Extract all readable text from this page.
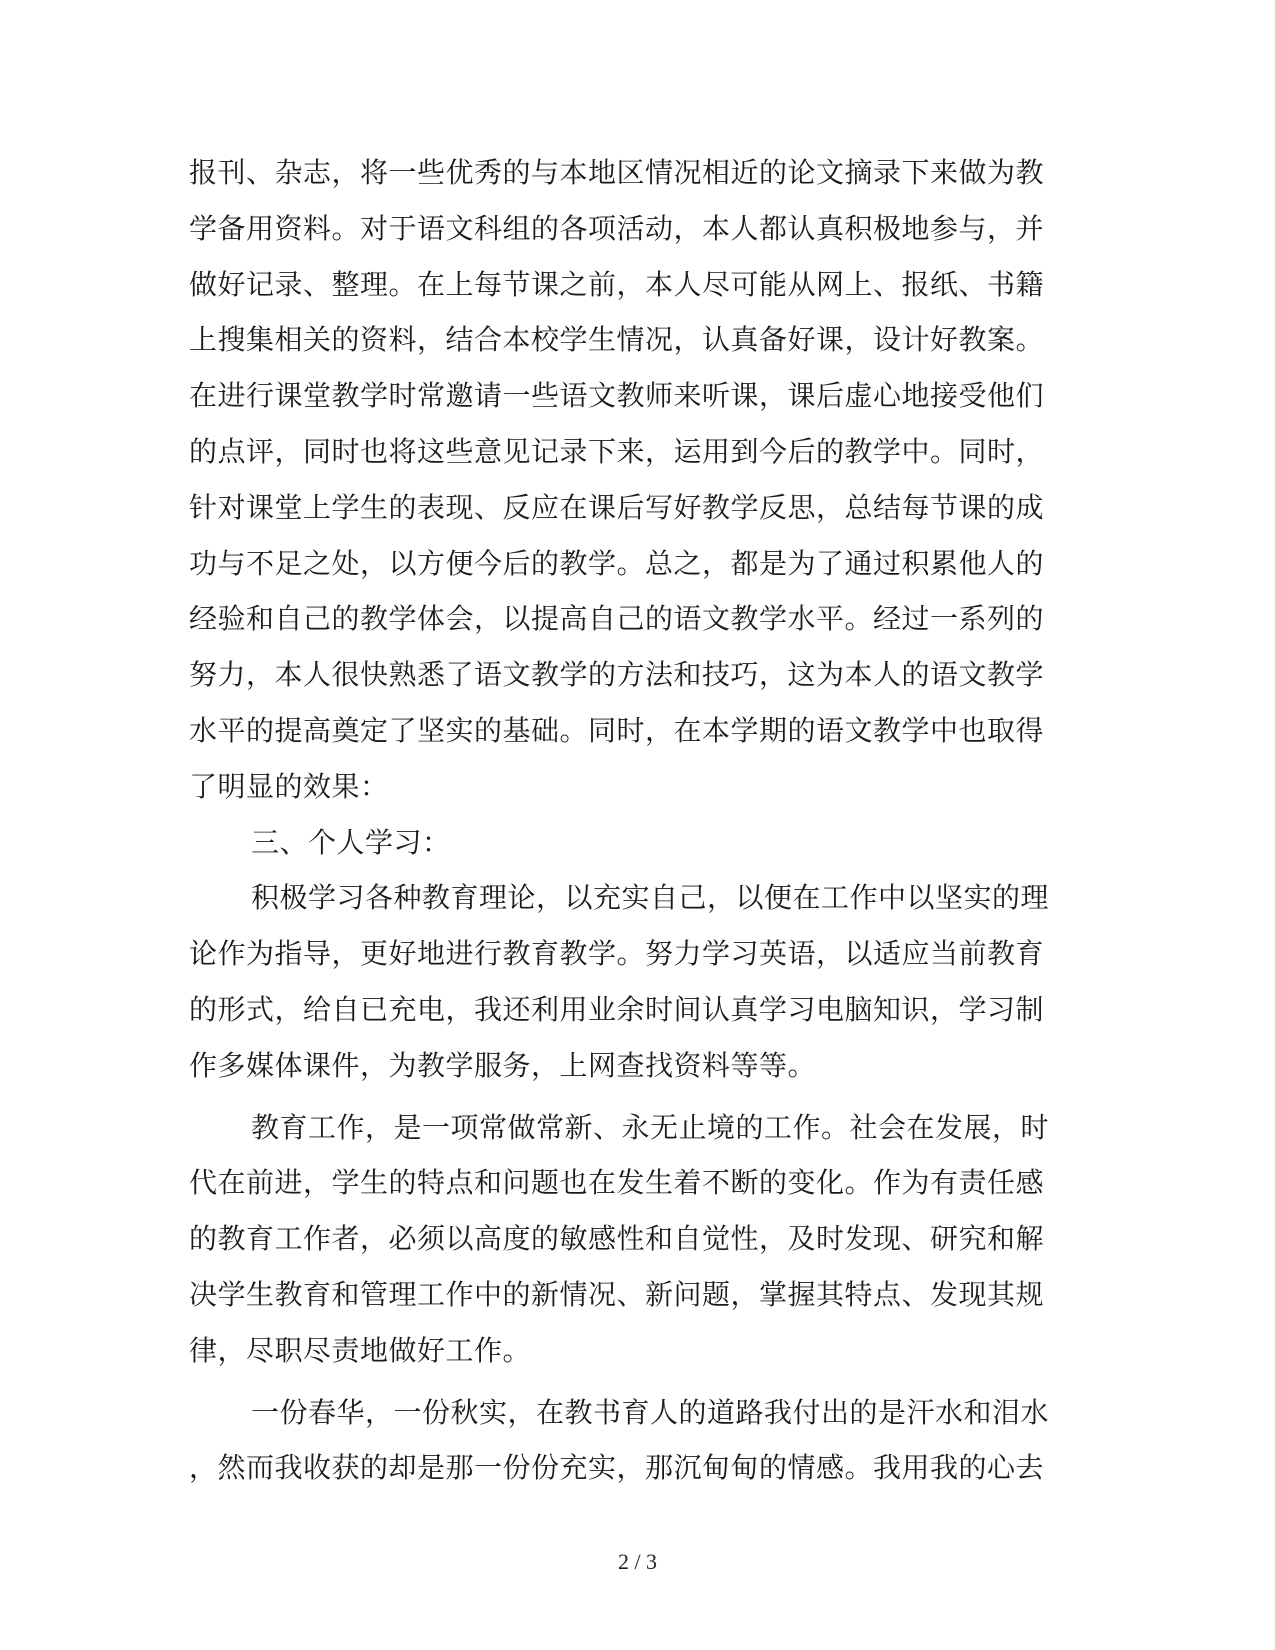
报刊、杂志，将一些优秀的与本地区情况相近的论文摘录下来做为教
学备用资料。对于语文科组的各项活动，本人都认真积极地参与，并
做好记录、整理。在上每节课之前，本人尽可能从网上、报纸、书籍
上搜集相关的资料，结合本校学生情况，认真备好课，设计好教案。
在进行课堂教学时常邀请一些语文教师来听课，课后虚心地接受他们
的点评，同时也将这些意见记录下来，运用到今后的教学中。同时，
针对课堂上学生的表现、反应在课后写好教学反思，总结每节课的成
功与不足之处，以方便今后的教学。总之，都是为了通过积累他人的
经验和自己的教学体会，以提高自己的语文教学水平。经过一系列的
努力，本人很快熟悉了语文教学的方法和技巧，这为本人的语文教学
水平的提高奠定了坚实的基础。同时，在本学期的语文教学中也取得
了明显的效果：
三、个人学习：
积极学习各种教育理论，以充实自己，以便在工作中以坚实的理
论作为指导，更好地进行教育教学。努力学习英语，以适应当前教育
的形式，给自已充电，我还利用业余时间认真学习电脑知识，学习制
作多媒体课件，为教学服务，上网查找资料等等。
教育工作，是一项常做常新、永无止境的工作。社会在发展，时
代在前进，学生的特点和问题也在发生着不断的变化。作为有责任感
的教育工作者，必须以高度的敏感性和自觉性，及时发现、研究和解
决学生教育和管理工作中的新情况、新问题，掌握其特点、发现其规
律，尽职尽责地做好工作。
一份春华，一份秋实，在教书育人的道路我付出的是汗水和泪水
，然而我收获的却是那一份份充实，那沉甸甸的情感。我用我的心去
2 / 3
